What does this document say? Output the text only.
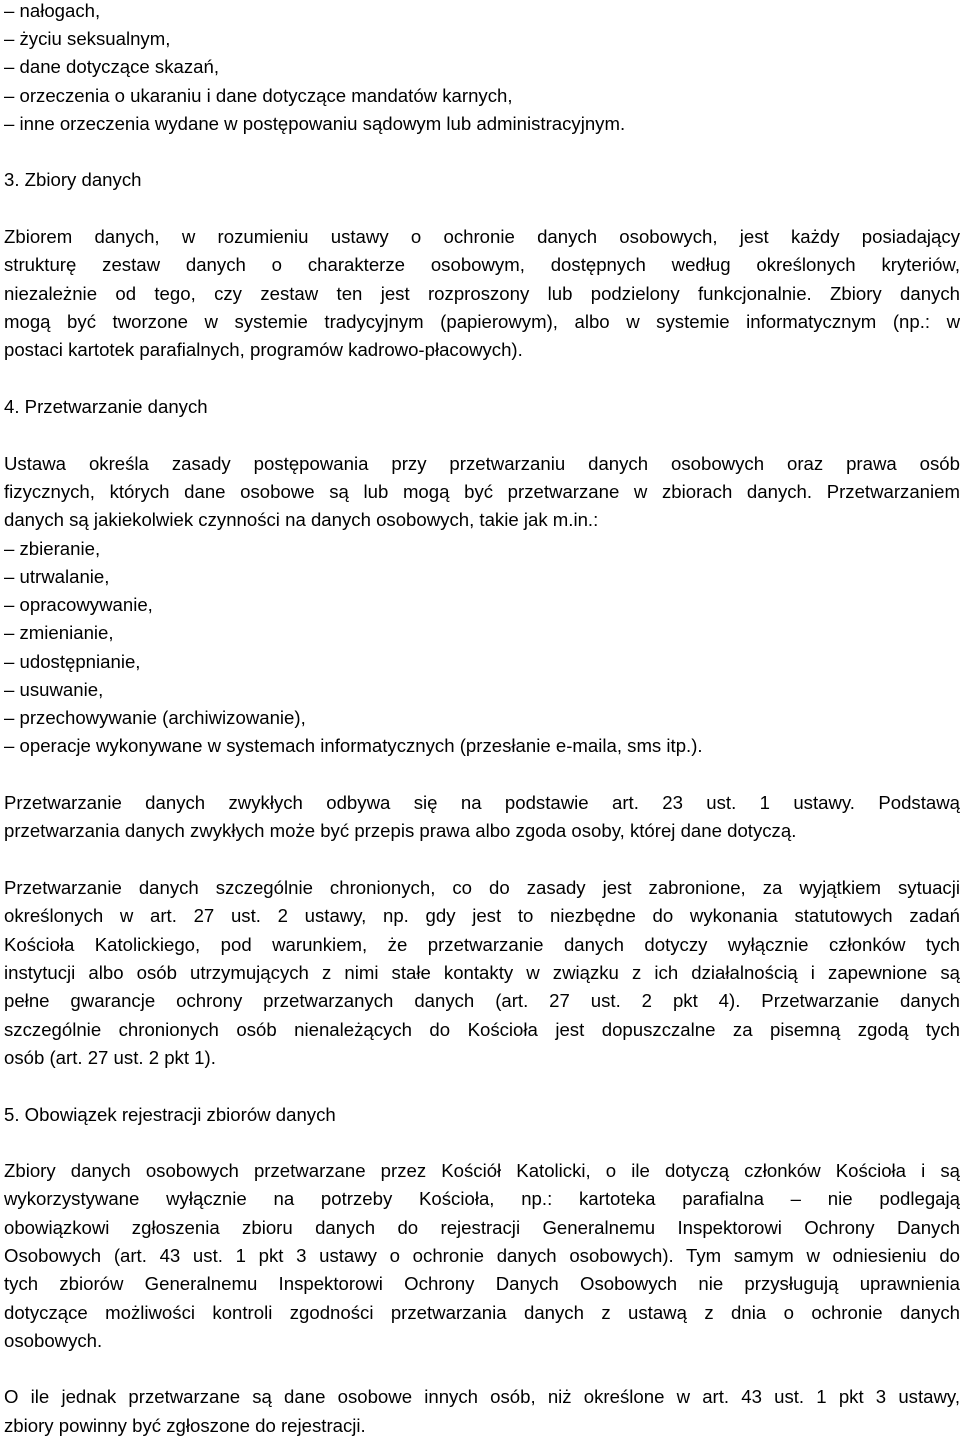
– nałogach,
– życiu seksualnym,
– dane dotyczące skazań,
– orzeczenia o ukaraniu i dane dotyczące mandatów karnych,
– inne orzeczenia wydane w postępowaniu sądowym lub administracyjnym.
3. Zbiory danych
Zbiorem danych, w rozumieniu ustawy o ochronie danych osobowych, jest każdy posiadający
strukturę zestaw danych o charakterze osobowym, dostępnych według określonych kryteriów,
niezależnie od tego, czy zestaw ten jest rozproszony lub podzielony funkcjonalnie. Zbiory danych
mogą być tworzone w systemie tradycyjnym (papierowym), albo w systemie informatycznym (np.: w
postaci kartotek parafialnych, programów kadrowo-płacowych).
4. Przetwarzanie danych
Ustawa określa zasady postępowania przy przetwarzaniu danych osobowych oraz prawa osób
fizycznych, których dane osobowe są lub mogą być przetwarzane w zbiorach danych. Przetwarzaniem
danych są jakiekolwiek czynności na danych osobowych, takie jak m.in.:
– zbieranie,
– utrwalanie,
– opracowywanie,
– zmienianie,
– udostępnianie,
– usuwanie,
– przechowywanie (archiwizowanie),
– operacje wykonywane w systemach informatycznych (przesłanie e-maila, sms itp.).
Przetwarzanie danych zwykłych odbywa się na podstawie art. 23 ust. 1 ustawy. Podstawą
przetwarzania danych zwykłych może być przepis prawa albo zgoda osoby, której dane dotyczą.
Przetwarzanie danych szczególnie chronionych, co do zasady jest zabronione, za wyjątkiem sytuacji
określonych w art. 27 ust. 2 ustawy, np. gdy jest to niezbędne do wykonania statutowych zadań
Kościoła Katolickiego, pod warunkiem, że przetwarzanie danych dotyczy wyłącznie członków tych
instytucji albo osób utrzymujących z nimi stałe kontakty w związku z ich działalnością i zapewnione są
pełne gwarancje ochrony przetwarzanych danych (art. 27 ust. 2 pkt 4). Przetwarzanie danych
szczególnie chronionych osób nienależących do Kościoła jest dopuszczalne za pisemną zgodą tych
osób (art. 27 ust. 2 pkt 1).
5. Obowiązek rejestracji zbiorów danych
Zbiory danych osobowych przetwarzane przez Kościół Katolicki, o ile dotyczą członków Kościoła i są
wykorzystywane wyłącznie na potrzeby Kościoła, np.: kartoteka parafialna – nie podlegają
obowiązkowi zgłoszenia zbioru danych do rejestracji Generalnemu Inspektorowi Ochrony Danych
Osobowych (art. 43 ust. 1 pkt 3 ustawy o ochronie danych osobowych). Tym samym w odniesieniu do
tych zbiorów Generalnemu Inspektorowi Ochrony Danych Osobowych nie przysługują uprawnienia
dotyczące możliwości kontroli zgodności przetwarzania danych z ustawą z dnia o ochronie danych
osobowych.
O ile jednak przetwarzane są dane osobowe innych osób, niż określone w art. 43 ust. 1 pkt 3 ustawy,
zbiory powinny być zgłoszone do rejestracji.
